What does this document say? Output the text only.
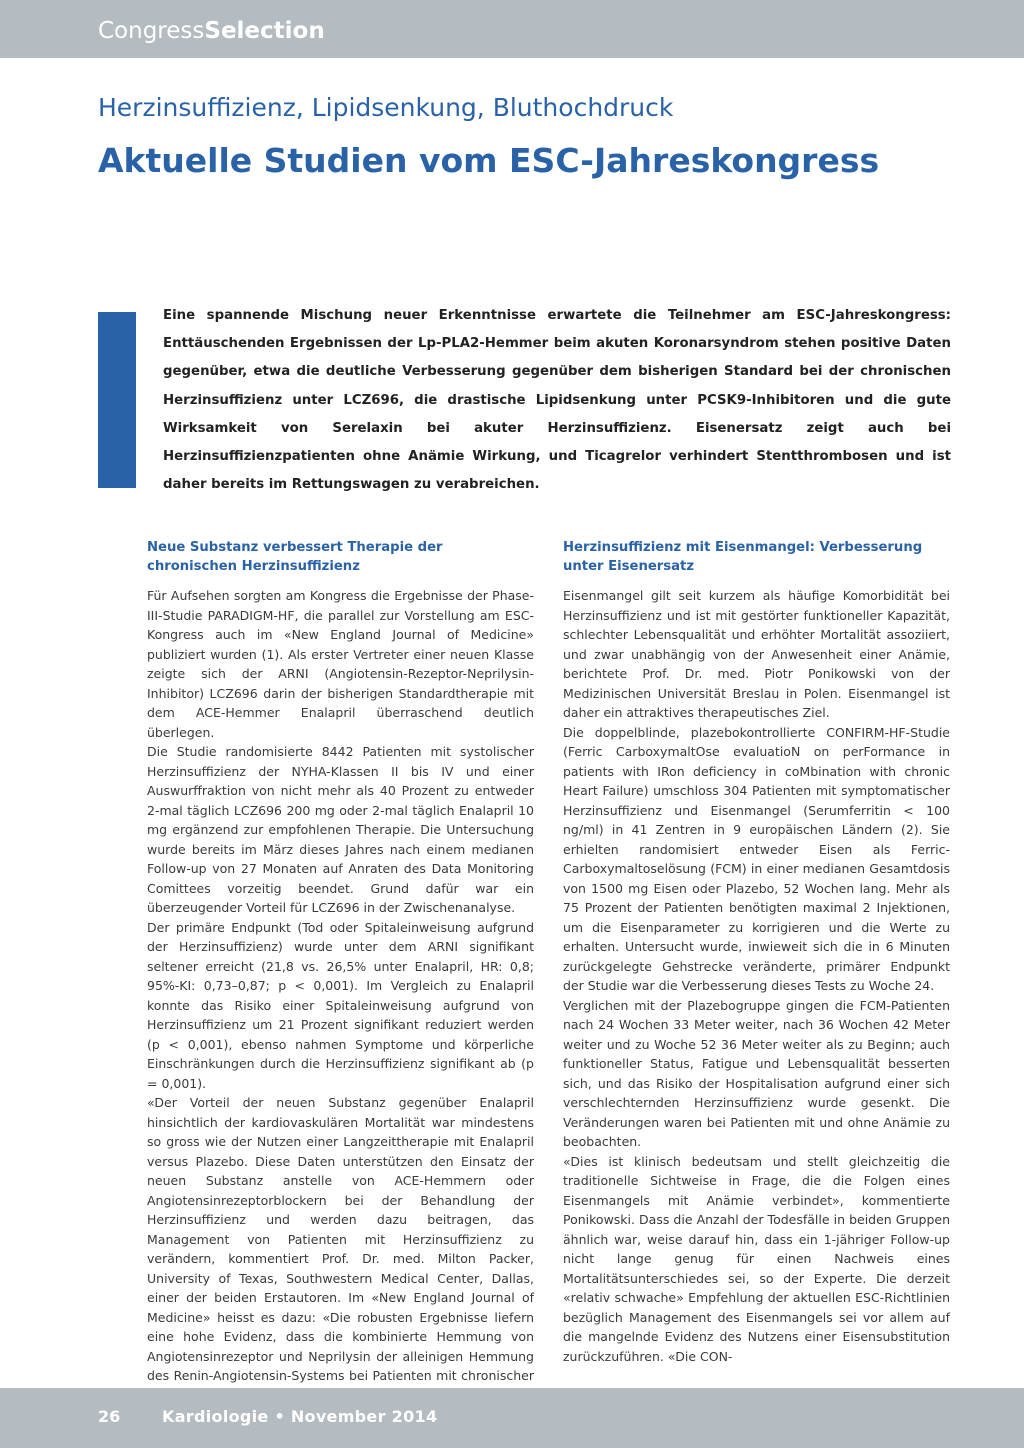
CongressSelection
Herzinsuffizienz, Lipidsenkung, Bluthochdruck
Aktuelle Studien vom ESC-Jahreskongress

Eine spannende Mischung neuer Erkenntnisse erwartete die Teilnehmer am ESC-Jahreskongress: Enttäuschenden Ergebnissen der Lp-PLA2-Hemmer beim akuten Koronarsyndrom stehen positive Daten gegenüber, etwa die deutliche Verbesserung gegenüber dem bisherigen Standard bei der chronischen Herzinsuffizienz unter LCZ696, die drastische Lipidsenkung unter PCSK9-Inhibitoren und die gute Wirksamkeit von Serelaxin bei akuter Herzinsuffizienz. Eisenersatz zeigt auch bei Herzinsuffizienzpatienten ohne Anämie Wirkung, und Ticagrelor verhindert Stentthrombosen und ist daher bereits im Rettungswagen zu verabreichen.

Neue Substanz verbessert Therapie der chronischen Herzinsuffizienz

Für Aufsehen sorgten am Kongress die Ergebnisse der Phase-III-Studie PARADIGM-HF, die parallel zur Vorstellung am ESC-Kongress auch im «New England Journal of Medicine» publiziert wurden (1). Als erster Vertreter einer neuen Klasse zeigte sich der ARNI (Angiotensin-Rezeptor-Neprilysin-Inhibitor) LCZ696 darin der bisherigen Standardtherapie mit dem ACE-Hemmer Enalapril überraschend deutlich überlegen.

Die Studie randomisierte 8442 Patienten mit systolischer Herzinsuffizienz der NYHA-Klassen II bis IV und einer Auswurffraktion von nicht mehr als 40 Prozent zu entweder 2-mal täglich LCZ696 200 mg oder 2-mal täglich Enalapril 10 mg ergänzend zur empfohlenen Therapie. Die Untersuchung wurde bereits im März dieses Jahres nach einem medianen Follow-up von 27 Monaten auf Anraten des Data Monitoring Comittees vorzeitig beendet. Grund dafür war ein überzeugender Vorteil für LCZ696 in der Zwischenanalyse.

Der primäre Endpunkt (Tod oder Spitaleinweisung aufgrund der Herzinsuffizienz) wurde unter dem ARNI signifikant seltener erreicht (21,8 vs. 26,5% unter Enalapril, HR: 0,8; 95%-KI: 0,73–0,87; p < 0,001). Im Vergleich zu Enalapril konnte das Risiko einer Spitaleinweisung aufgrund von Herzinsuffizienz um 21 Prozent signifikant reduziert werden (p < 0,001), ebenso nahmen Symptome und körperliche Einschränkungen durch die Herzinsuffizienz signifikant ab (p = 0,001).

«Der Vorteil der neuen Substanz gegenüber Enalapril hinsichtlich der kardiovaskulären Mortalität war mindestens so gross wie der Nutzen einer Langzeittherapie mit Enalapril versus Plazebo. Diese Daten unterstützen den Einsatz der neuen Substanz anstelle von ACE-Hemmern oder Angiotensinrezeptorblockern bei der Behandlung der Herzinsuffizienz und werden dazu beitragen, das Management von Patienten mit Herzinsuffizienz zu verändern, kommentiert Prof. Dr. med. Milton Packer, University of Texas, Southwestern Medical Center, Dallas, einer der beiden Erstautoren. Im «New England Journal of Medicine» heisst es dazu: «Die robusten Ergebnisse liefern eine hohe Evidenz, dass die kombinierte Hemmung von Angiotensinrezeptor und Neprilysin der alleinigen Hemmung des Renin-Angiotensin-Systems bei Patienten mit chronischer

Herzinsuffizienz mit Eisenmangel: Verbesserung unter Eisenersatz

Eisenmangel gilt seit kurzem als häufige Komorbidität bei Herzinsuffizienz und ist mit gestörter funktioneller Kapazität, schlechter Lebensqualität und erhöhter Mortalität assoziiert, und zwar unabhängig von der Anwesenheit einer Anämie, berichtete Prof. Dr. med. Piotr Ponikowski von der Medizinischen Universität Breslau in Polen. Eisenmangel ist daher ein attraktives therapeutisches Ziel.

Die doppelblinde, plazebokontrollierte CONFIRM-HF-Studie (Ferric CarboxymaltOse evaluatioN on perFormance in patients with IRon deficiency in coMbination with chronic Heart Failure) umschloss 304 Patienten mit symptomatischer Herzinsuffizienz und Eisenmangel (Serumferritin < 100 ng/ml) in 41 Zentren in 9 europäischen Ländern (2). Sie erhielten randomisiert entweder Eisen als Ferric-Carboxymaltoselösung (FCM) in einer medianen Gesamtdosis von 1500 mg Eisen oder Plazebo, 52 Wochen lang. Mehr als 75 Prozent der Patienten benötigten maximal 2 Injektionen, um die Eisenparameter zu korrigieren und die Werte zu erhalten. Untersucht wurde, inwieweit sich die in 6 Minuten zurückgelegte Gehstrecke veränderte, primärer Endpunkt der Studie war die Verbesserung dieses Tests zu Woche 24.

Verglichen mit der Plazebogruppe gingen die FCM-Patienten nach 24 Wochen 33 Meter weiter, nach 36 Wochen 42 Meter weiter und zu Woche 52 36 Meter weiter als zu Beginn; auch funktioneller Status, Fatigue und Lebensqualität besserten sich, und das Risiko der Hospitalisation aufgrund einer sich verschlechternden Herzinsuffizienz wurde gesenkt. Die Veränderungen waren bei Patienten mit und ohne Anämie zu beobachten.

«Dies ist klinisch bedeutsam und stellt gleichzeitig die traditionelle Sichtweise in Frage, die die Folgen eines Eisenmangels mit Anämie verbindet», kommentierte Ponikowski. Dass die Anzahl der Todesfälle in beiden Gruppen ähnlich war, weise darauf hin, dass ein 1-jähriger Follow-up nicht lange genug für einen Nachweis eines Mortalitätsunterschiedes sei, so der Experte. Die derzeit «relativ schwache» Empfehlung der aktuellen ESC-Richtlinien bezüglich Management des Eisenmangels sei vor allem auf die mangelnde Evidenz des Nutzens einer Eisensubstitution zurückzuführen. «Die CON-

26	Kardiologie • November 2014
